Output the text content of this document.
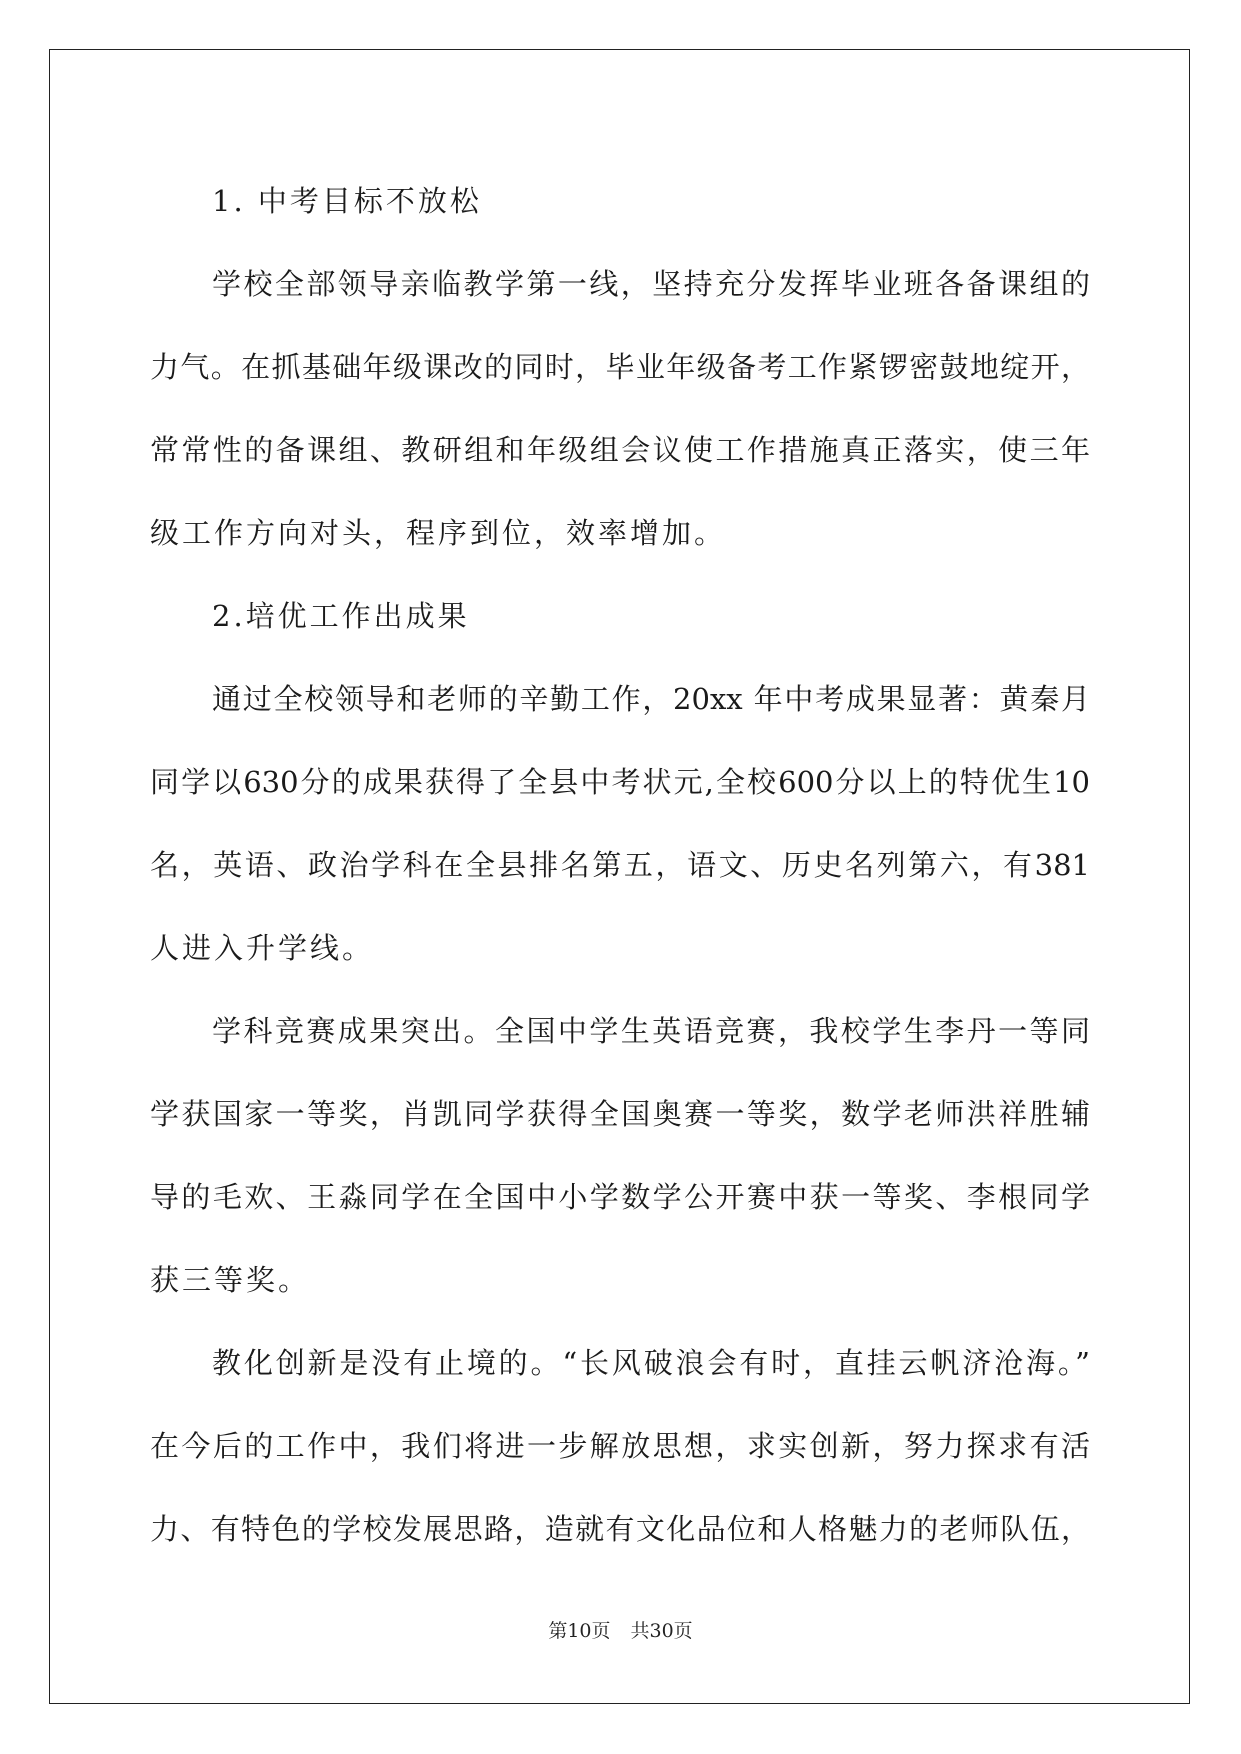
1. 中考目标不放松
学校全部领导亲临教学第一线，坚持充分发挥毕业班各备课组的
力气。在抓基础年级课改的同时，毕业年级备考工作紧锣密鼓地绽开，
常常性的备课组、教研组和年级组会议使工作措施真正落实，使三年
级工作方向对头，程序到位，效率增加。
2.培优工作出成果
通过全校领导和老师的辛勤工作，20xx 年中考成果显著：黄秦月
同学以630分的成果获得了全县中考状元,全校600分以上的特优生10
名，英语、政治学科在全县排名第五，语文、历史名列第六，有381
人进入升学线。
学科竞赛成果突出。全国中学生英语竞赛，我校学生李丹一等同
学获国家一等奖，肖凯同学获得全国奥赛一等奖，数学老师洪祥胜辅
导的毛欢、王淼同学在全国中小学数学公开赛中获一等奖、李根同学
获三等奖。
教化创新是没有止境的。“长风破浪会有时，直挂云帆济沧海。”
在今后的工作中，我们将进一步解放思想，求实创新，努力探求有活
力、有特色的学校发展思路，造就有文化品位和人格魅力的老师队伍，
第10页 共30页
